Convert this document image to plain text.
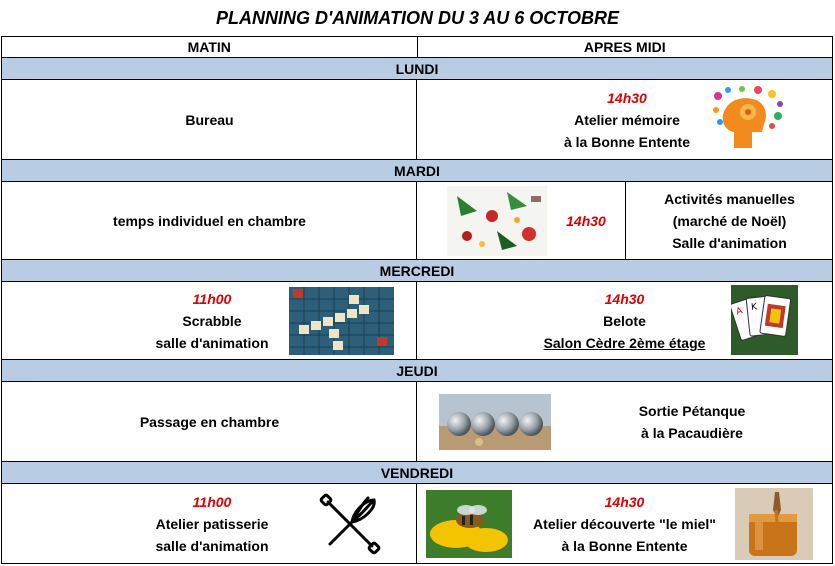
PLANNING D'ANIMATION DU 3 AU 6 OCTOBRE
MATIN	APRES MIDI
LUNDI
Bureau
14h30
Atelier mémoire
à la Bonne Entente
MARDI
temps individuel en chambre	14h30
Activités manuelles
(marché de Noël)
Salle d'animation
MERCREDI
11h00
Scrabble
salle d'animation
14h30
Belote
Salon Cèdre 2ème étage
A K
JEUDI
Passage en chambre
Sortie Pétanque
à la Pacaudière
VENDREDI
11h00
Atelier patisserie
salle d'animation
14h30
Atelier découverte "le miel"
à la Bonne Entente
